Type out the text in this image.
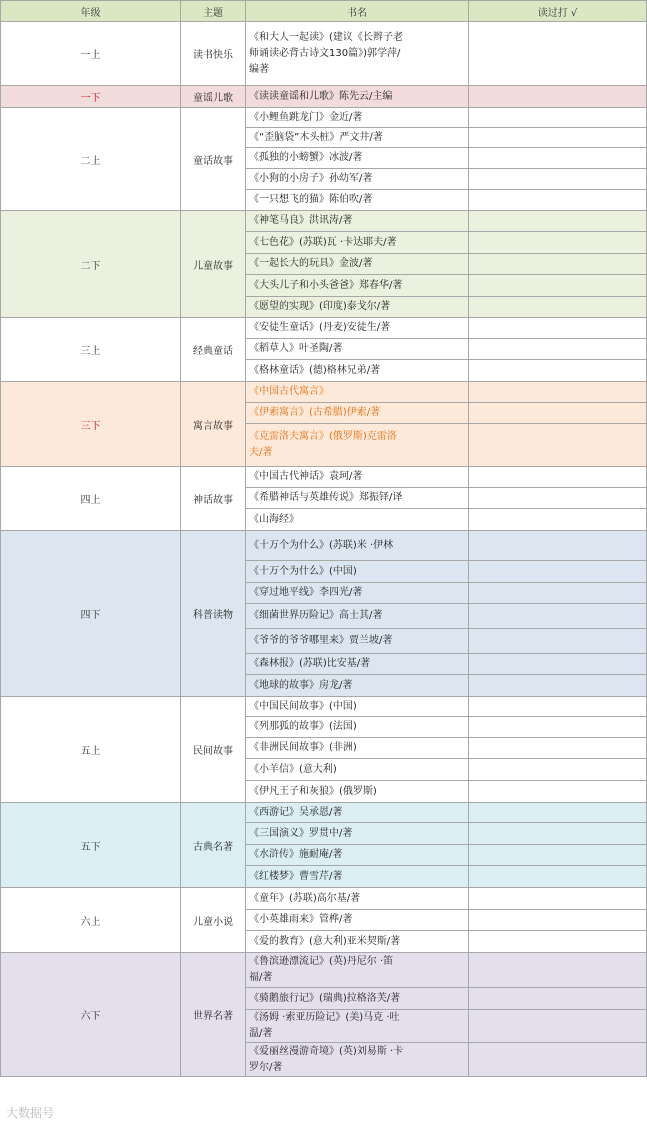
年级	主题	书名	读过打 √
一上	读书快乐	《和大人一起读》(建议《长辫子老
师诵读必背古诗文130篇》)郭学萍/
编著	
一下	童谣儿歌	《读读童谣和儿歌》陈先云/主编	
二上	童话故事	《小鲤鱼跳龙门》金近/著	
		《“歪脑袋”木头桩》严文井/著	
		《孤独的小螃蟹》冰波/著	
		《小狗的小房子》孙幼军/著	
		《一只想飞的猫》陈伯吹/著	
二下	儿童故事	《神笔马良》洪讯涛/著	
		《七色花》(苏联)瓦 ·卡达耶夫/著	
		《一起长大的玩具》金波/著	
		《大头儿子和小头爸爸》郑春华/著	
		《愿望的实现》(印度)泰戈尔/著	
三上	经典童话	《安徒生童话》(丹麦)安徒生/著	
		《稻草人》叶圣陶/著	
		《格林童话》(德)格林兄弟/著	
三下	寓言故事	《中国古代寓言》	
		《伊索寓言》(古希腊)伊索/著	
		《克雷洛夫寓言》(俄罗斯)克雷洛
夫/著	
四上	神话故事	《中国古代神话》袁珂/著	
		《希腊神话与英雄传说》郑振铎/译	
		《山海经》	
四下	科普读物	《十万个为什么》(苏联)米 ·伊林	
		《十万个为什么》(中国)	
		《穿过地平线》李四光/著	
		《细菌世界历险记》高士其/著	
		《爷爷的爷爷哪里来》贾兰坡/著	
		《森林报》(苏联)比安基/著	
		《地球的故事》房龙/著	
五上	民间故事	《中国民间故事》(中国)	
		《列那狐的故事》(法国)	
		《非洲民间故事》(非洲)	
		《小羊信》(意大利)	
		《伊凡王子和灰狼》(俄罗斯)	
五下	古典名著	《西游记》吴承恩/著	
		《三国演义》罗贯中/著	
		《水浒传》施耐庵/著	
		《红楼梦》曹雪芹/著	
六上	儿童小说	《童年》(苏联)高尔基/著	
		《小英雄雨来》管桦/著	
		《爱的教育》(意大利)亚米契斯/著	
六下	世界名著	《鲁滨逊漂流记》(英)丹尼尔 ·笛
福/著	
		《骑鹅旅行记》(瑞典)拉格洛芙/著	
		《汤姆 ·索亚历险记》(美)马克 ·吐
温/著	
		《爱丽丝漫游奇境》(英)刘易斯 ·卡
罗尔/著	
大数据号
